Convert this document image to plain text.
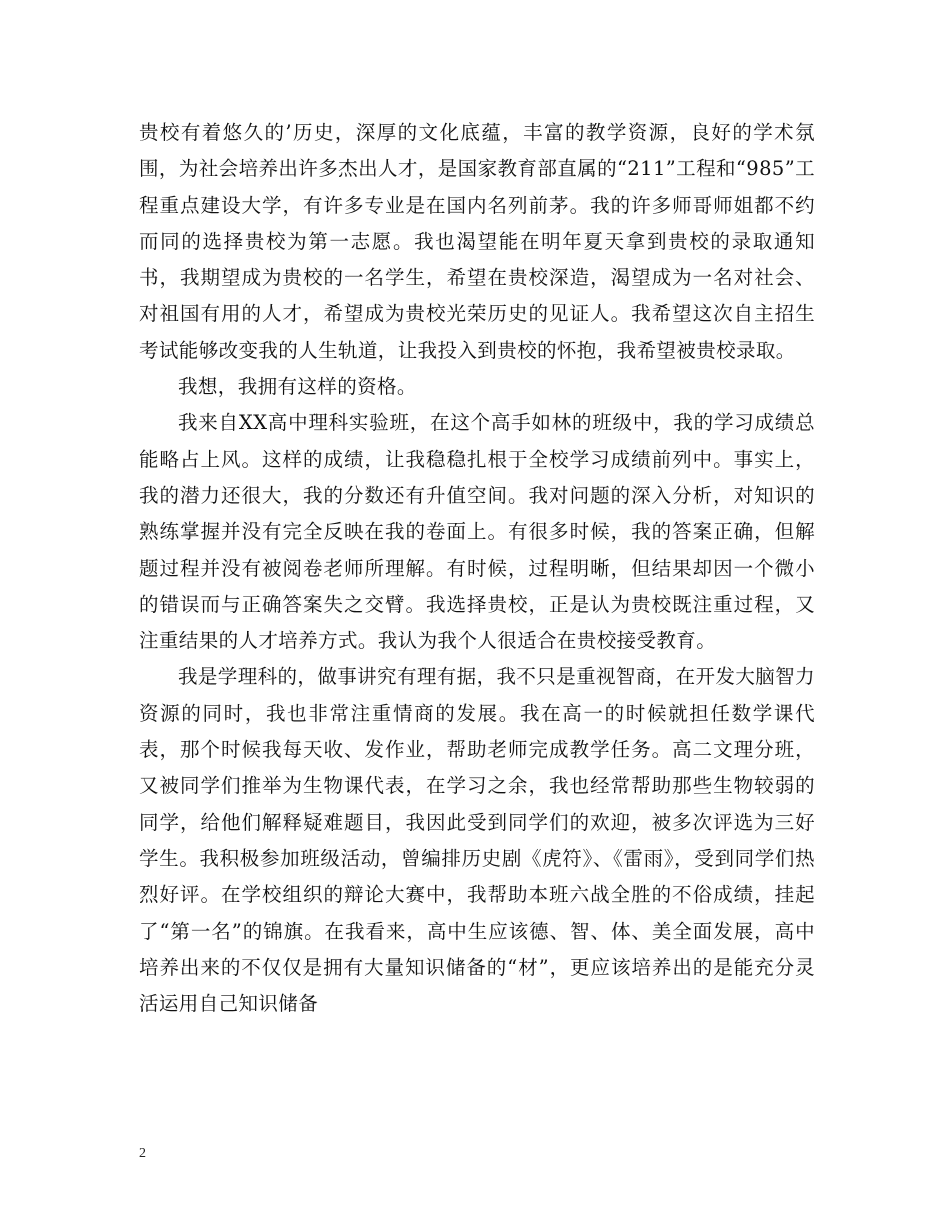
贵校有着悠久的’历史，深厚的文化底蕴，丰富的教学资源，良好的学术氛围，为社会培养出许多杰出人才，是国家教育部直属的“211”工程和“985”工程重点建设大学，有许多专业是在国内名列前茅。我的许多师哥师姐都不约而同的选择贵校为第一志愿。我也渴望能在明年夏天拿到贵校的录取通知书，我期望成为贵校的一名学生，希望在贵校深造，渴望成为一名对社会、对祖国有用的人才，希望成为贵校光荣历史的见证人。我希望这次自主招生考试能够改变我的人生轨道，让我投入到贵校的怀抱，我希望被贵校录取。

我想，我拥有这样的资格。

我来自XX高中理科实验班，在这个高手如林的班级中，我的学习成绩总能略占上风。这样的成绩，让我稳稳扎根于全校学习成绩前列中。事实上，我的潜力还很大，我的分数还有升值空间。我对问题的深入分析，对知识的熟练掌握并没有完全反映在我的卷面上。有很多时候，我的答案正确，但解题过程并没有被阅卷老师所理解。有时候，过程明晰，但结果却因一个微小的错误而与正确答案失之交臂。我选择贵校，正是认为贵校既注重过程，又注重结果的人才培养方式。我认为我个人很适合在贵校接受教育。

我是学理科的，做事讲究有理有据，我不只是重视智商，在开发大脑智力资源的同时，我也非常注重情商的发展。我在高一的时候就担任数学课代表，那个时候我每天收、发作业，帮助老师完成教学任务。高二文理分班，又被同学们推举为生物课代表，在学习之余，我也经常帮助那些生物较弱的同学，给他们解释疑难题目，我因此受到同学们的欢迎，被多次评选为三好学生。我积极参加班级活动，曾编排历史剧《虎符》、《雷雨》，受到同学们热烈好评。在学校组织的辩论大赛中，我帮助本班六战全胜的不俗成绩，挂起了“第一名”的锦旗。在我看来，高中生应该德、智、体、美全面发展，高中培养出来的不仅仅是拥有大量知识储备的“材”，更应该培养出的是能充分灵活运用自己知识储备

2
